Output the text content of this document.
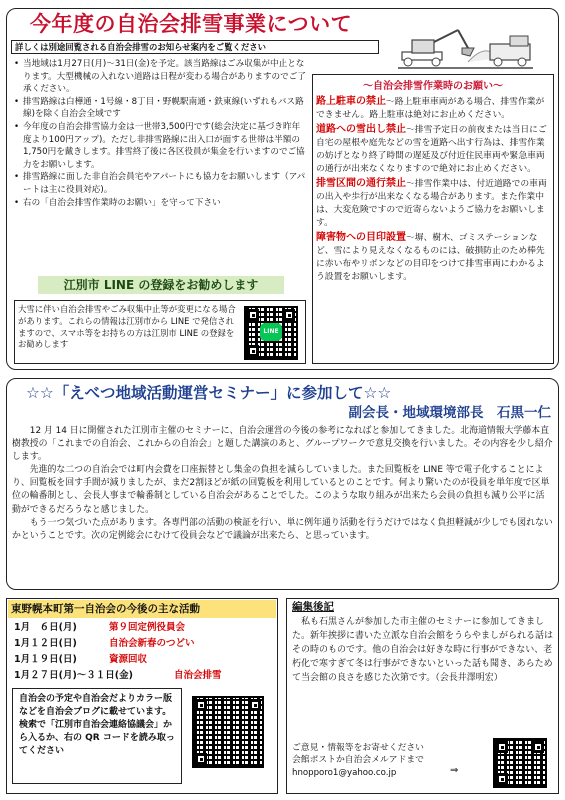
今年度の自治会排雪事業について
詳しくは別途回覧される自治会排雪のお知らせ案内をご覧ください
• 当地域は1月27日(月)～31日(金)を予定。該当路線はごみ収集が中止となります。大型機械の入れない道路は日程が変わる場合がありますのでご了承ください。
• 排雪路線は白樺通・1号線・8丁目・野幌駅南通・鉄東線(いずれもバス路線)を除く自治会全域です
• 今年度の自治会排雪協力金は一世帯3,500円です(総会決定に基づき昨年度より100円アップ)。ただし非排雪路線に出入口が面する世帯は半額の1,750円を戴きします。排雪終了後に各区役員が集金を行いますのでご協力をお願いします。
• 排雪路線に面した非自治会員宅やアパートにも協力をお願いします（アパートは主に役員対応)。
• 右の「自治会排雪作業時のお願い」を守って下さい
江別市 LINE の登録をお勧めします
大雪に伴い自治会排雪やごみ収集中止等が変更になる場合があります。これらの情報は江別市から LINE で発信されますので、スマホ等をお持ちの方は江別市 LINE の登録をお勧めします
LINE
～自治会排雪作業時のお願い～
路上駐車の禁止～路上駐車車両がある場合、排雪作業ができません。路上駐車は絶対にお止めください。
道路への雪出し禁止～排雪予定日の前夜または当日にご自宅の屋根や庭先などの雪を道路へ出す行為は、排雪作業の妨げとなり終了時間の遅延及び付近住民車両や緊急車両の通行が出来なくなりますので絶対にお止めください。
排雪区間の通行禁止～排雪作業中は、付近道路での車両の出入や歩行が出来なくなる場合があります。また作業中は、大変危険ですので近寄らないようご協力をお願いします。
障害物への目印設置～塀、樹木、ゴミステーションなど、雪により見えなくなるものには、破損防止のため棒先に赤い布やリボンなどの目印をつけて排雪車両にわかるよう設置をお願いします。
☆☆「えべつ地域活動運営セミナー」に参加して☆☆
副会長・地域環境部長　石黒一仁

12 月 14 日に開催された江別市主催のセミナーに、自治会運営の今後の参考になればと参加してきました。北海道情報大学藤本直樹教授の「これまでの自治会、これからの自治会」と題した講演のあと、グループワークで意見交換を行いました。その内容を少し紹介します。

先進的な二つの自治会では町内会費を口座振替とし集金の負担を減らしていました。また回覧板を LINE 等で電子化することにより、回覧板を回す手間が減りましたが、まだ2割ほどが紙の回覧板を利用しているとのことです。何より驚いたのが役員を単年度で区単位の輪番制とし、会長人事まで輪番制としている自治会があることでした。このような取り組みが出来たら会員の負担も減り公平に活動ができるだろうなと感じました。

もう一つ気づいた点があります。各専門部の活動の検証を行い、単に例年通り活動を行うだけではなく負担軽減が少しでも図れないかということです。次の定例総会にむけて役員会などで議論が出来たら、と思っています。

東野幌本町第一自治会の今後の主な活動
1月　６日(月)	第９回定例役員会
1月１２日(日)	自治会新春のつどい
1月１９日(日)	資源回収
1月２７日(月)～３１日(金)	自治会排雪
自治会の予定や自治会だよりカラー版などを自治会ブログに載せています。検索で「江別市自治会連絡協議会」から入るか、右の QR コードを読み取ってください
編集後記
私も石黒さんが参加した市主催のセミナーに参加してきました。新年挨拶に書いた立派な自治会館をうらやましがられる話はその時のものです。他の自治会は好きな時に行事ができない、老朽化で寒すぎて冬は行事ができないといった話も聞き、あらためて当会館の良さを感じた次第です。（会長井澤明宏）
ご意見・情報等をお寄せください
会館ポストか自治会メルアドまで
hnopporo1@yahoo.co.jp	⇒
